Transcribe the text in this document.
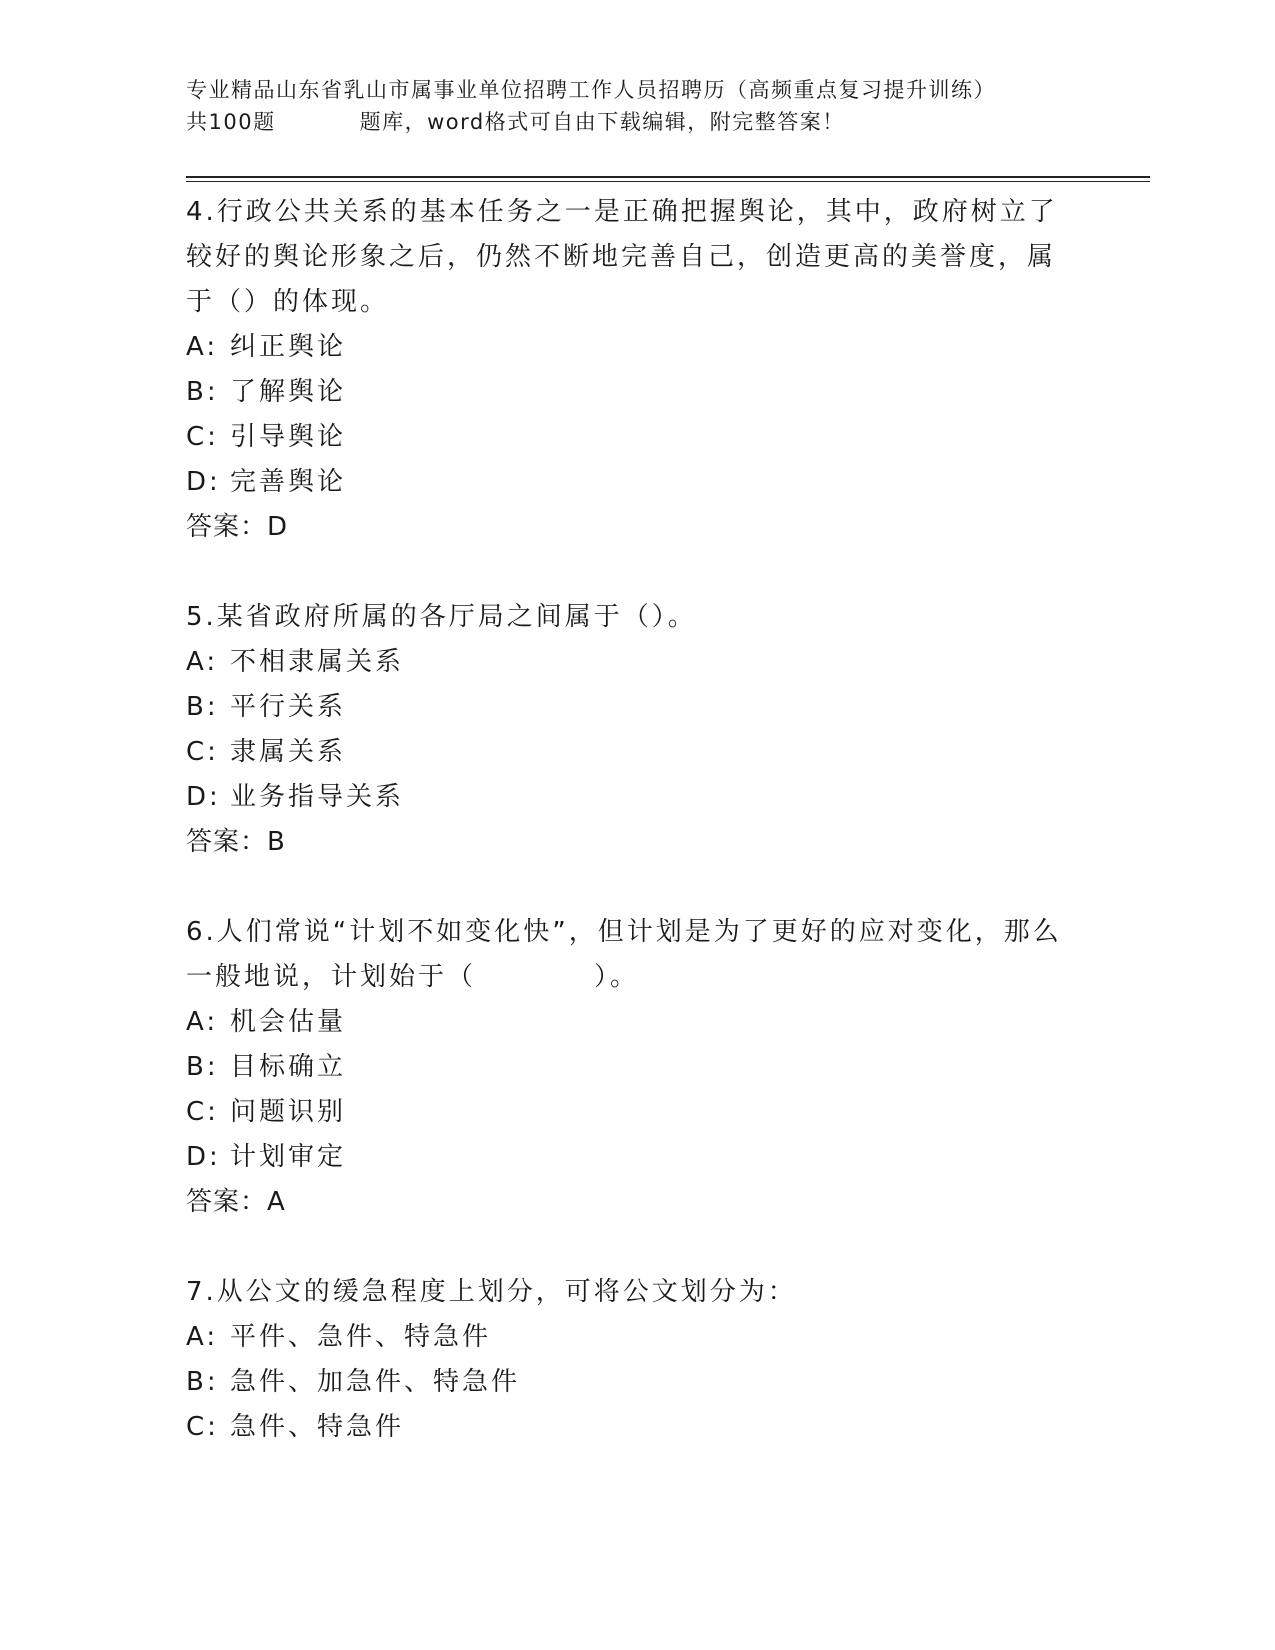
专业精品山东省乳山市属事业单位招聘工作人员招聘历（高频重点复习提升训练）
共100题	题库，word格式可自由下载编辑，附完整答案！

4.行政公共关系的基本任务之一是正确把握舆论，其中，政府树立了较好的舆论形象之后，仍然不断地完善自己，创造更高的美誉度，属于（）的体现。

A: 纠正舆论

B: 了解舆论

C: 引导舆论

D: 完善舆论

答案：D

5.某省政府所属的各厅局之间属于（）。

A: 不相隶属关系

B: 平行关系

C: 隶属关系

D: 业务指导关系

答案：B

6.人们常说“计划不如变化快”，但计划是为了更好的应对变化，那么一般地说，计划始于（	）。

A: 机会估量

B: 目标确立

C: 问题识别

D: 计划审定

答案：A

7.从公文的缓急程度上划分，可将公文划分为：

A: 平件、急件、特急件

B: 急件、加急件、特急件

C: 急件、特急件
